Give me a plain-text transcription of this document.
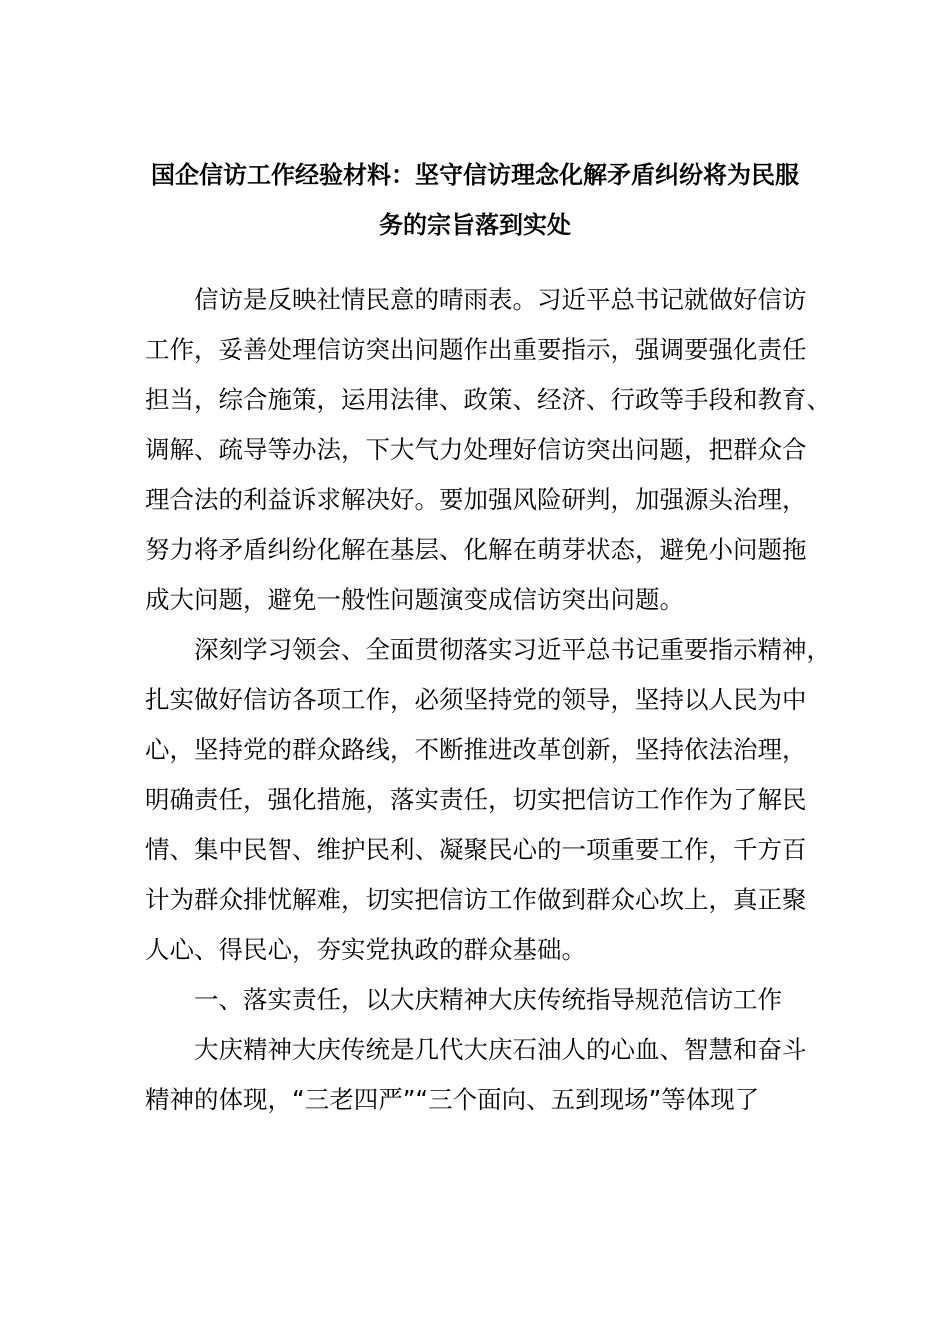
国企信访工作经验材料：坚守信访理念化解矛盾纠纷将为民服
务的宗旨落到实处

　　信访是反映社情民意的晴雨表。习近平总书记就做好信访

工作，妥善处理信访突出问题作出重要指示，强调要强化责任

担当，综合施策，运用法律、政策、经济、行政等手段和教育、

调解、疏导等办法，下大气力处理好信访突出问题，把群众合

理合法的利益诉求解决好。要加强风险研判，加强源头治理，

努力将矛盾纠纷化解在基层、化解在萌芽状态，避免小问题拖

成大问题，避免一般性问题演变成信访突出问题。

　　深刻学习领会、全面贯彻落实习近平总书记重要指示精神，

扎实做好信访各项工作，必须坚持党的领导，坚持以人民为中

心，坚持党的群众路线，不断推进改革创新，坚持依法治理，

明确责任，强化措施，落实责任，切实把信访工作作为了解民

情、集中民智、维护民利、凝聚民心的一项重要工作，千方百

计为群众排忧解难，切实把信访工作做到群众心坎上，真正聚

人心、得民心，夯实党执政的群众基础。

　　一、落实责任，以大庆精神大庆传统指导规范信访工作

　　大庆精神大庆传统是几代大庆石油人的心血、智慧和奋斗

精神的体现，“三老四严”“三个面向、五到现场”等体现了
